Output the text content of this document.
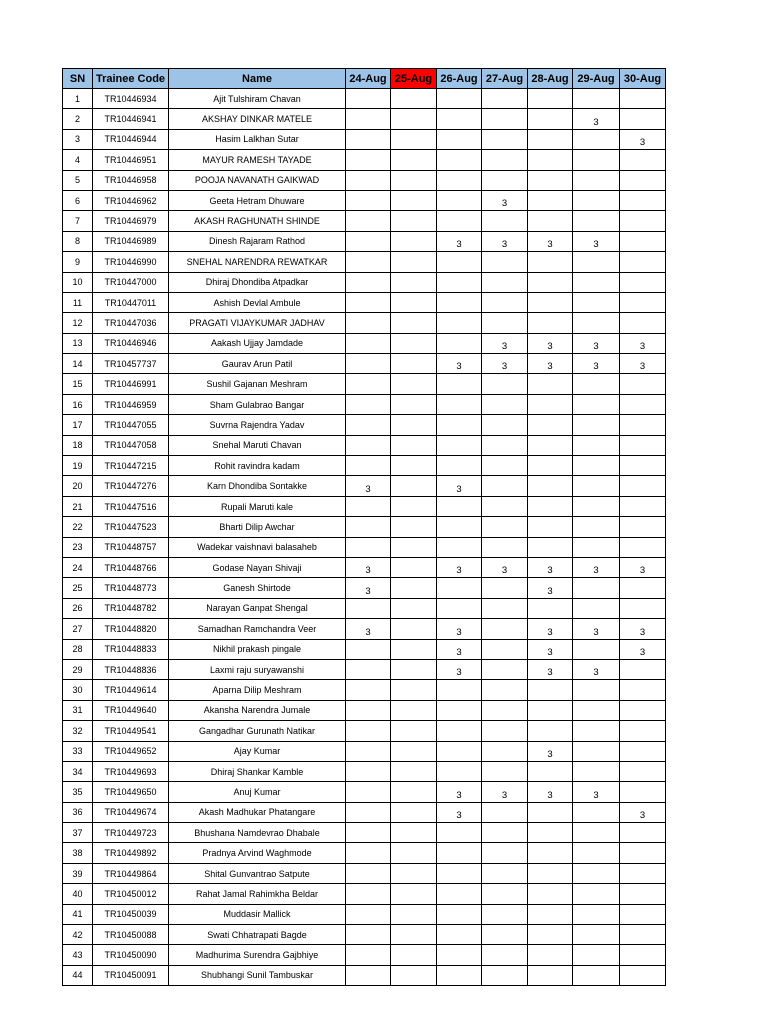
SN	Trainee Code	Name	24-Aug	25-Aug	26-Aug	27-Aug	28-Aug	29-Aug	30-Aug
1	TR10446934	Ajit Tulshiram Chavan							
2	TR10446941	AKSHAY DINKAR MATELE						3	
3	TR10446944	Hasim Lalkhan Sutar							3
4	TR10446951	MAYUR RAMESH TAYADE							
5	TR10446958	POOJA NAVANATH GAIKWAD							
6	TR10446962	Geeta Hetram Dhuware				3			
7	TR10446979	AKASH RAGHUNATH SHINDE							
8	TR10446989	Dinesh Rajaram Rathod			3	3	3	3	
9	TR10446990	SNEHAL NARENDRA REWATKAR							
10	TR10447000	Dhiraj Dhondiba Atpadkar							
11	TR10447011	Ashish Devlal Ambule							
12	TR10447036	PRAGATI VIJAYKUMAR JADHAV							
13	TR10446946	Aakash Ujjay Jamdade				3	3	3	3
14	TR10457737	Gaurav Arun Patil			3	3	3	3	3
15	TR10446991	Sushil Gajanan Meshram							
16	TR10446959	Sham Gulabrao Bangar							
17	TR10447055	Suvrna Rajendra Yadav							
18	TR10447058	Snehal Maruti Chavan							
19	TR10447215	Rohit ravindra kadam							
20	TR10447276	Karn Dhondiba Sontakke	3		3				
21	TR10447516	Rupali Maruti kale							
22	TR10447523	Bharti Dilip Awchar							
23	TR10448757	Wadekar vaishnavi balasaheb							
24	TR10448766	Godase Nayan Shivaji	3		3	3	3	3	3
25	TR10448773	Ganesh Shirtode	3				3		
26	TR10448782	Narayan Ganpat Shengal							
27	TR10448820	Samadhan Ramchandra Veer	3		3		3	3	3
28	TR10448833	Nikhil prakash pingale			3		3		3
29	TR10448836	Laxmi raju suryawanshi			3		3	3	
30	TR10449614	Aparna Dilip Meshram							
31	TR10449640	Akansha Narendra Jumale							
32	TR10449541	Gangadhar Gurunath Natikar							
33	TR10449652	Ajay Kumar					3		
34	TR10449693	Dhiraj Shankar Kamble							
35	TR10449650	Anuj Kumar			3	3	3	3	
36	TR10449674	Akash Madhukar Phatangare			3				3
37	TR10449723	Bhushana Namdevrao Dhabale							
38	TR10449892	Pradnya Arvind Waghmode							
39	TR10449864	Shital Gunvantrao Satpute							
40	TR10450012	Rahat Jamal Rahimkha Beldar							
41	TR10450039	Muddasir Mallick							
42	TR10450088	Swati Chhatrapati Bagde							
43	TR10450090	Madhurima Surendra Gajbhiye							
44	TR10450091	Shubhangi Sunil Tambuskar							
